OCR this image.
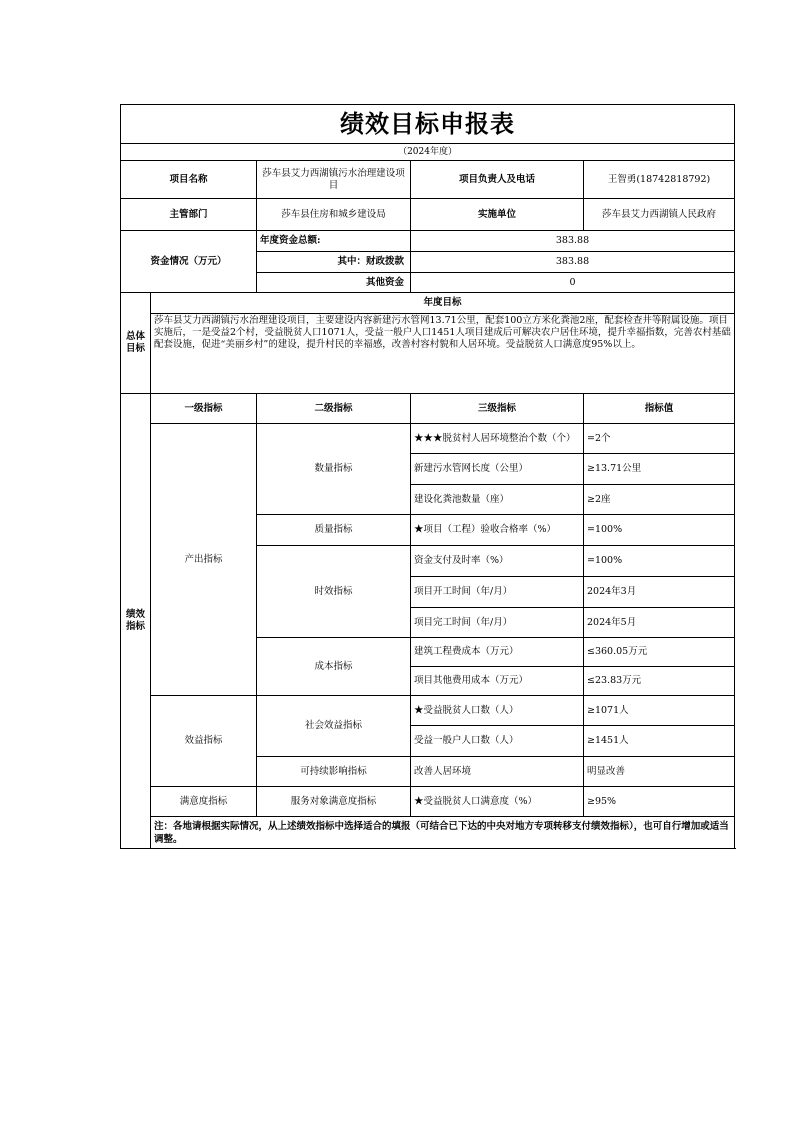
绩效目标申报表				
（2024年度）				
项目名称		莎车县艾力西湖镇污水治理建设项目	项目负责人及电话	王智勇(18742818792)
主管部门		莎车县住房和城乡建设局	实施单位	莎车县艾力西湖镇人民政府
资金情况（万元）		年度资金总额:	383.88	
		其中：财政拨款	383.88	
		其他资金	0	
总体目标	年度目标			
	莎车县艾力西湖镇污水治理建设项目，主要建设内容新建污水管网13.71公里，配套100立方米化粪池2座，配套检查井等附属设施。项目实施后，一是受益2个村，受益脱贫人口1071人，受益一般户人口1451人项目建成后可解决农户居住环境，提升幸福指数，完善农村基础配套设施，促进“美丽乡村”的建设，提升村民的幸福感，改善村容村貌和人居环境。受益脱贫人口满意度95%以上。			
绩效指标	一级指标	二级指标	三级指标	指标值
	产出指标	数量指标	★★★脱贫村人居环境整治个数（个）	=2个
			新建污水管网长度（公里）	≥13.71公里
			建设化粪池数量（座）	≥2座
		质量指标	★项目（工程）验收合格率（%）	=100%
		时效指标	资金支付及时率（%）	=100%
			项目开工时间（年/月）	2024年3月
			项目完工时间（年/月）	2024年5月
		成本指标	建筑工程费成本（万元）	≤360.05万元
			项目其他费用成本（万元）	≤23.83万元
	效益指标	社会效益指标	★受益脱贫人口数（人）	≥1071人
			受益一般户人口数（人）	≥1451人
		可持续影响指标	改善人居环境	明显改善
	满意度指标	服务对象满意度指标	★受益脱贫人口满意度（%）	≥95%
	注：各地请根据实际情况，从上述绩效指标中选择适合的填报（可结合已下达的中央对地方专项转移支付绩效指标），也可自行增加或适当调整。			
